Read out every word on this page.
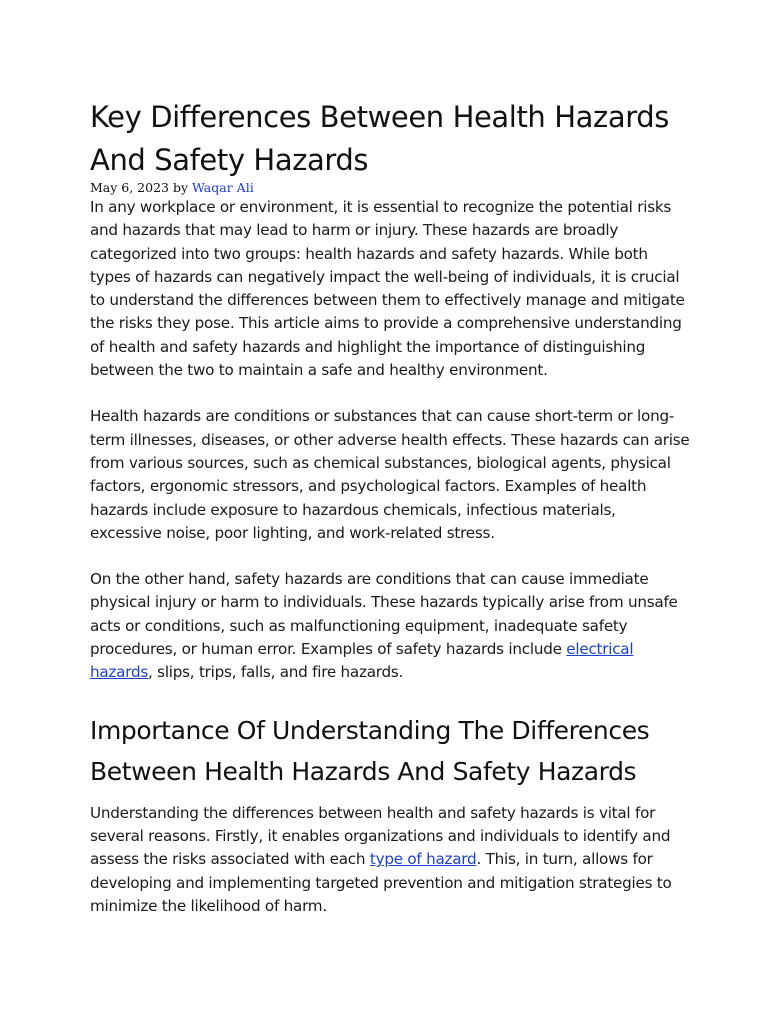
Key Differences Between Health Hazards And Safety Hazards
May 6, 2023 by Waqar Ali

In any workplace or environment, it is essential to recognize the potential risks and hazards that may lead to harm or injury. These hazards are broadly categorized into two groups: health hazards and safety hazards. While both types of hazards can negatively impact the well-being of individuals, it is crucial to understand the differences between them to effectively manage and mitigate the risks they pose. This article aims to provide a comprehensive understanding of health and safety hazards and highlight the importance of distinguishing between the two to maintain a safe and healthy environment.

Health hazards are conditions or substances that can cause short-term or long-term illnesses, diseases, or other adverse health effects. These hazards can arise from various sources, such as chemical substances, biological agents, physical factors, ergonomic stressors, and psychological factors. Examples of health hazards include exposure to hazardous chemicals, infectious materials, excessive noise, poor lighting, and work-related stress.

On the other hand, safety hazards are conditions that can cause immediate physical injury or harm to individuals. These hazards typically arise from unsafe acts or conditions, such as malfunctioning equipment, inadequate safety procedures, or human error. Examples of safety hazards include electrical hazards, slips, trips, falls, and fire hazards.

Importance Of Understanding The Differences Between Health Hazards And Safety Hazards

Understanding the differences between health and safety hazards is vital for several reasons. Firstly, it enables organizations and individuals to identify and assess the risks associated with each type of hazard. This, in turn, allows for developing and implementing targeted prevention and mitigation strategies to minimize the likelihood of harm.
